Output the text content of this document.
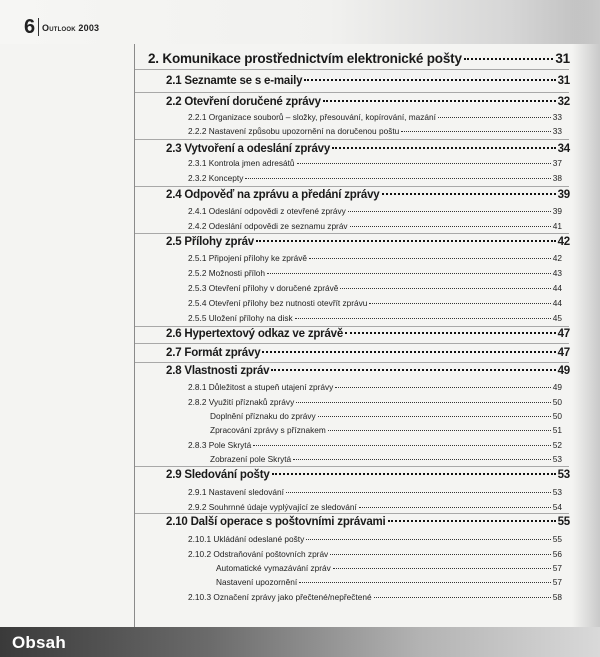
6 Outlook 2003
2. Komunikace prostřednictvím elektronické pošty	31
2.1 Seznamte se s e-maily	31
2.2 Otevření doručené zprávy	32
2.2.1 Organizace souborů – složky, přesouvání, kopírování, mazání	33
2.2.2 Nastavení způsobu upozornění na doručenou poštu	33
2.3 Vytvoření a odeslání zprávy	34
2.3.1 Kontrola jmen adresátů	37
2.3.2 Koncepty	38
2.4 Odpověď na zprávu a předání zprávy	39
2.4.1 Odeslání odpovědi z otevřené zprávy	39
2.4.2 Odeslání odpovědi ze seznamu zpráv	41
2.5 Přílohy zpráv	42
2.5.1 Připojení přílohy ke zprávě	42
2.5.2 Možnosti příloh	43
2.5.3 Otevření přílohy v doručené zprávě	44
2.5.4 Otevření přílohy bez nutnosti otevřít zprávu	44
2.5.5 Uložení přílohy na disk	45
2.6 Hypertextový odkaz ve zprávě	47
2.7 Formát zprávy	47
2.8 Vlastnosti zpráv	49
2.8.1 Důležitost a stupeň utajení zprávy	49
2.8.2 Využití příznaků zprávy	50
Doplnění příznaku do zprávy	50
Zpracování zprávy s příznakem	51
2.8.3 Pole Skrytá	52
Zobrazení pole Skrytá	53
2.9 Sledování pošty	53
2.9.1 Nastavení sledování	53
2.9.2 Souhrnné údaje vyplývající ze sledování	54
2.10 Další operace s poštovními zprávami	55
2.10.1 Ukládání odeslané pošty	55
2.10.2 Odstraňování poštovních zpráv	56
Automatické vymazávání zpráv	57
Nastavení upozornění	57
2.10.3 Označení zprávy jako přečtené/nepřečtené	58
Obsah
